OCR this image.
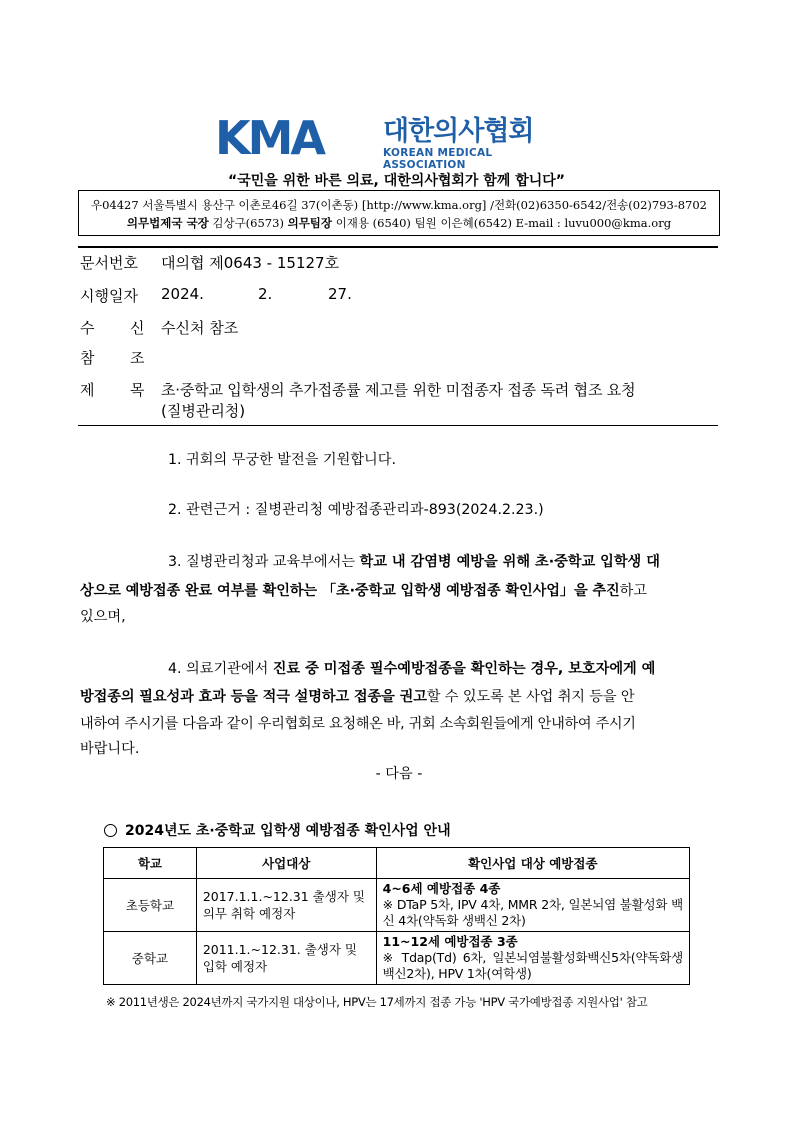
KMA 대한의사협회
KOREAN MEDICAL ASSOCIATION
“국민을 위한 바른 의료, 대한의사협회가 함께 합니다”
우04427 서울특별시 용산구 이촌로46길 37(이촌동) [http://www.kma.org] /전화(02)6350-6542/전송(02)793-8702
의무법제국 국장 김상구(6573) 의무팀장 이재용 (6540) 팀원 이은혜(6542) E-mail : luvu000@kma.org
문서번호 대의협 제0643 - 15127호
시행일자 2024.	2.	27.
수 신 수신처 참조
참 조
제 목 초·중학교 입학생의 추가접종률 제고를 위한 미접종자 접종 독려 협조 요청
(질병관리청)
1. 귀회의 무궁한 발전을 기원합니다.
2. 관련근거 : 질병관리청 예방접종관리과-893(2024.2.23.)
3. 질병관리청과 교육부에서는 학교 내 감염병 예방을 위해 초·중학교 입학생 대
상으로 예방접종 완료 여부를 확인하는 「초·중학교 입학생 예방접종 확인사업」을 추진하고
있으며,
4. 의료기관에서 진료 중 미접종 필수예방접종을 확인하는 경우, 보호자에게 예
방접종의 필요성과 효과 등을 적극 설명하고 접종을 권고할 수 있도록 본 사업 취지 등을 안
내하여 주시기를 다음과 같이 우리협회로 요청해온 바, 귀회 소속회원들에게 안내하여 주시기
바랍니다.
- 다음 -
2024년도 초·중학교 입학생 예방접종 확인사업 안내
학교	사업대상	확인사업 대상 예방접종
초등학교	2017.1.1.~12.31 출생자 및 의무 취학 예정자	4~6세 예방접종 4종
※ DTaP 5차, IPV 4차, MMR 2차, 일본뇌염 불활성화 백신 4차(약독화 생백신 2차)

중학교	2011.1.~12.31. 출생자 및 입학 예정자	11~12세 예방접종 3종
※ Tdap(Td) 6차, 일본뇌염불활성화백신5차(약독화생백신2차), HPV 1차(여학생)
※ 2011년생은 2024년까지 국가지원 대상이나, HPV는 17세까지 접종 가능 'HPV 국가예방접종 지원사업' 참고
